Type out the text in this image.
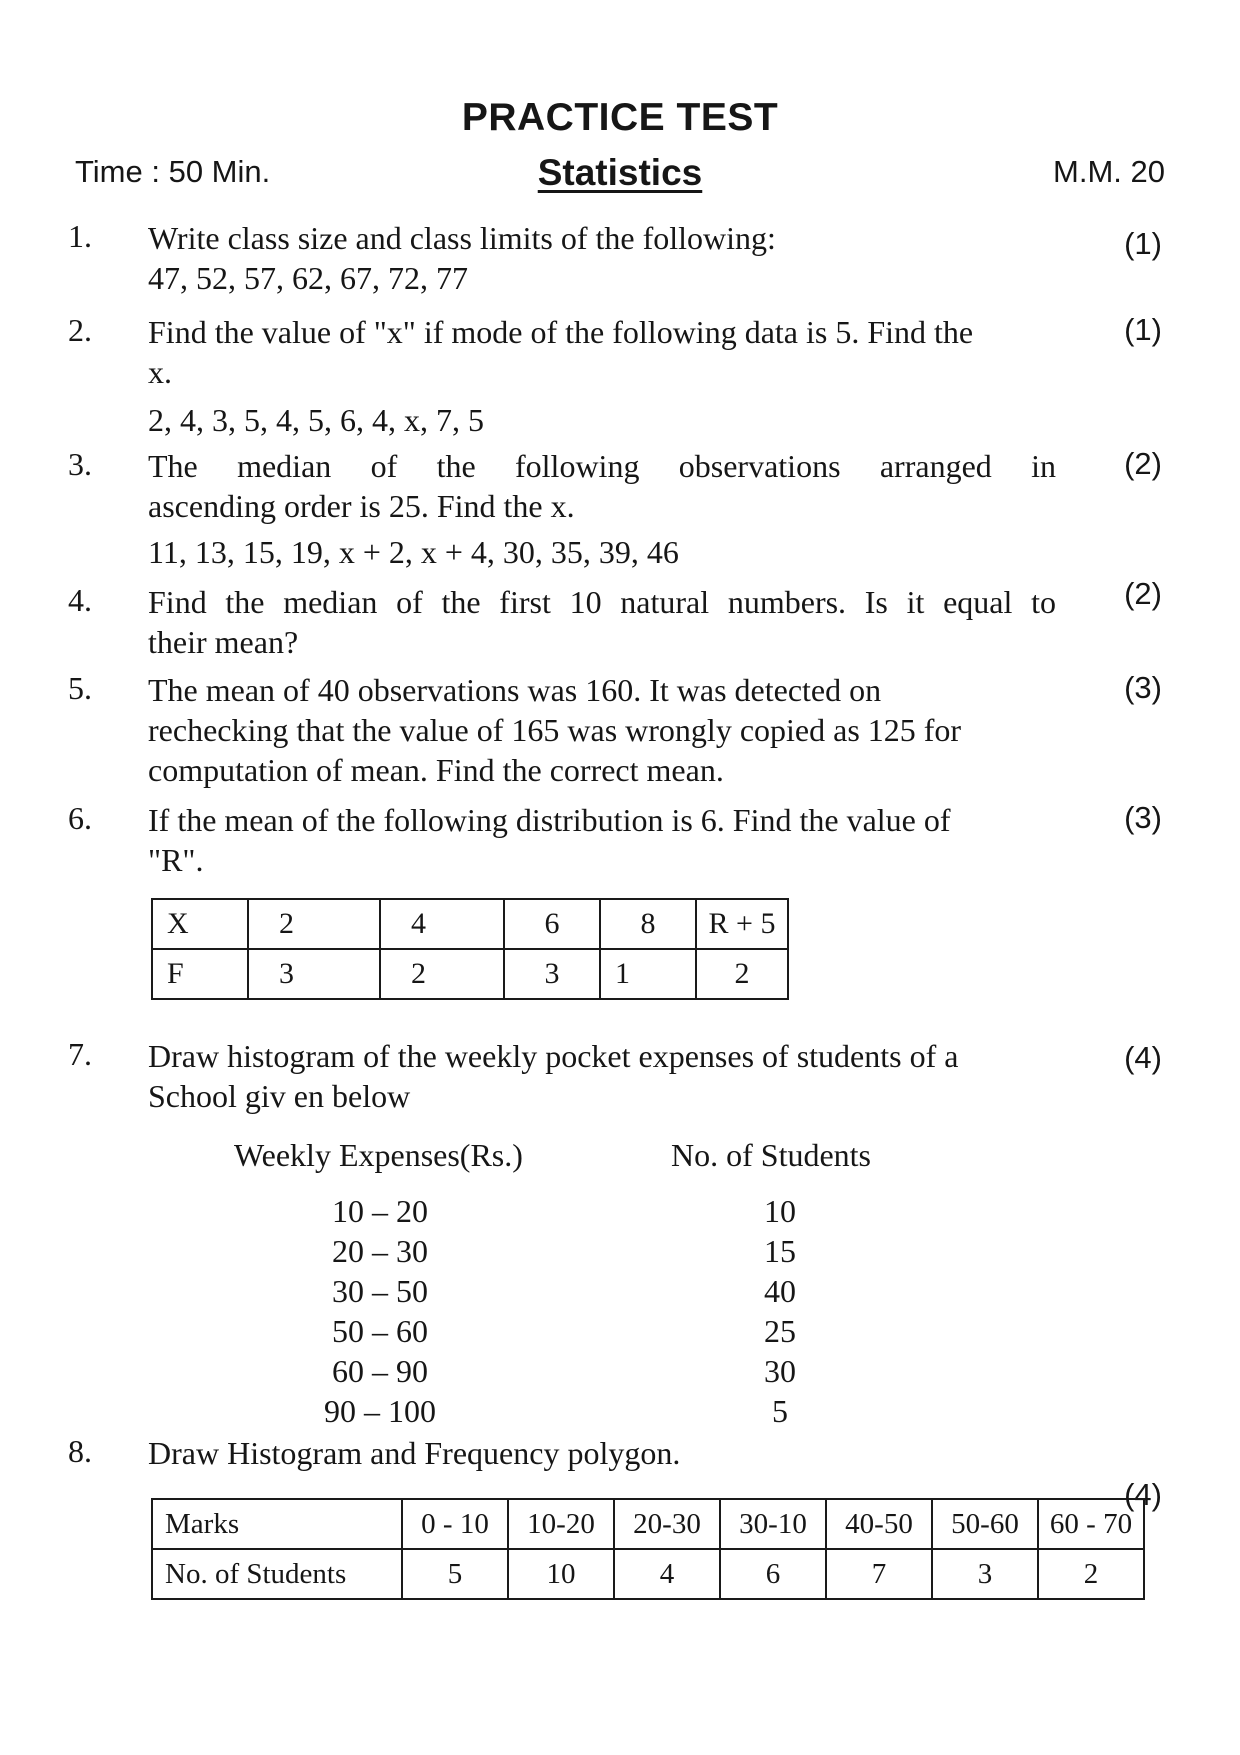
PRACTICE TEST
Time : 50 Min.	Statistics	M.M. 20
1. Write class size and class limits of the following:
47, 52, 57, 62, 67, 72, 77
(1)
2. Find the value of "x" if mode of the following data is 5. Find the
x.
2, 4, 3, 5, 4, 5, 6, 4, x, 7, 5
(1)
3. The median of the following observations arranged in
ascending order is 25. Find the x.
11, 13, 15, 19, x + 2, x + 4, 30, 35, 39, 46
(2)
4. Find the median of the first 10 natural numbers. Is it equal to
their mean?
(2)
5. The mean of 40 observations was 160. It was detected on
rechecking that the value of 165 was wrongly copied as 125 for
computation of mean. Find the correct mean.
(3)
6. If the mean of the following distribution is 6. Find the value of
"R".
(3)
X	2	4	6	8	R + 5
F	3	2	3	1	2
7. Draw histogram of the weekly pocket expenses of students of a
School giv en below
(4)
Weekly Expenses(Rs.)	No. of Students
10 – 20	10
20 – 30	15
30 – 50	40
50 – 60	25
60 – 90	30
90 – 100	5
8. Draw Histogram and Frequency polygon.
(4)
Marks	0 - 10	10-20	20-30	30-10	40-50	50-60	60 - 70
No. of Students	5	10	4	6	7	3	2
